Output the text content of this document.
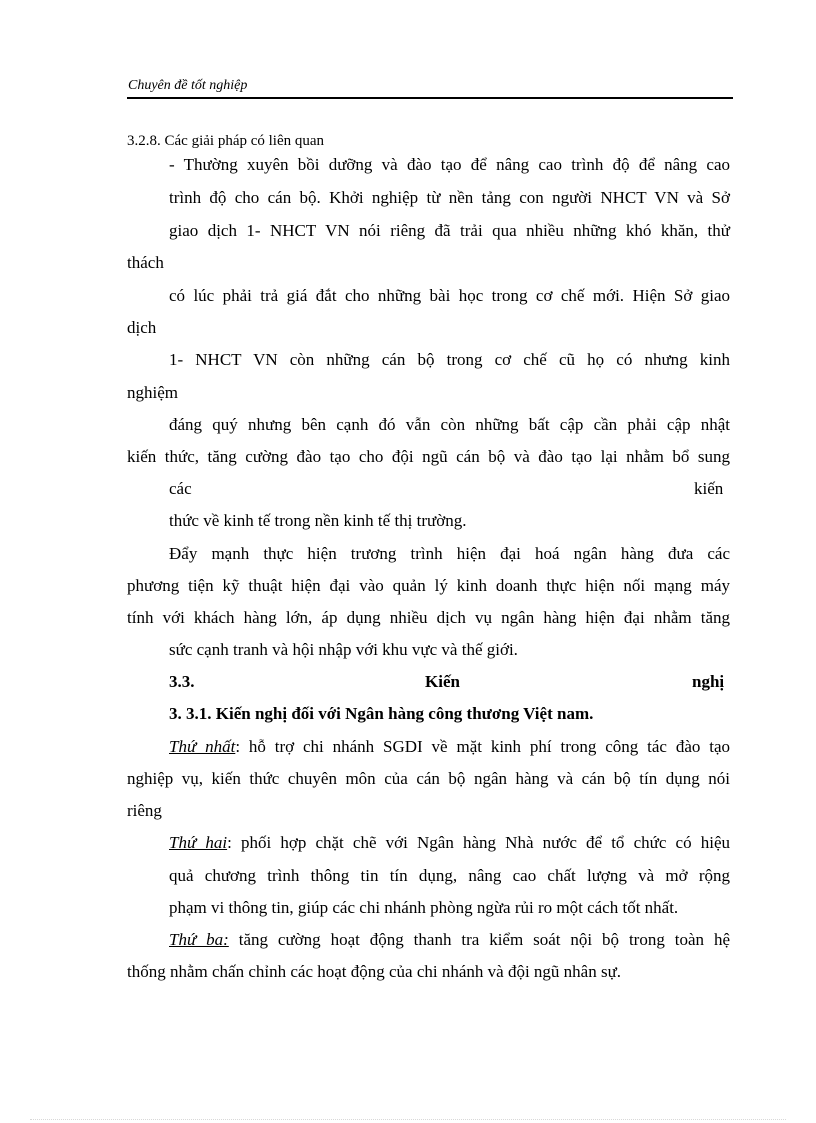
Chuyên đề tốt nghiệp
3.2.8. Các giải pháp có liên quan
- Thường xuyên bồi dưỡng và đào tạo để nâng cao trình độ để nâng cao
trình độ cho cán bộ. Khởi nghiệp từ nền tảng con người NHCT VN và Sở
giao dịch 1- NHCT VN nói riêng đã trải qua nhiều những khó khăn, thử
thách
có lúc phải trả giá đắt cho những bài học trong cơ chế mới. Hiện Sở giao
dịch
1- NHCT VN còn những cán bộ trong cơ chế cũ họ có nhưng kinh
nghiệm
đáng quý nhưng bên cạnh đó vẫn còn những bất cập cần phải cập nhật
kiến thức, tăng cường đào tạo cho đội ngũ cán bộ và đào tạo lại nhằm bổ sung
các	kiến
thức về kinh tế trong nền kinh tế thị trường.
Đẩy mạnh thực hiện trương trình hiện đại hoá ngân hàng đưa các
phương tiện kỹ thuật hiện đại vào quản lý kinh doanh thực hiện nối mạng máy
tính với khách hàng lớn, áp dụng nhiều dịch vụ ngân hàng hiện đại nhằm tăng
sức cạnh tranh và hội nhập với khu vực và thế giới.
3.3.	Kiến	nghị
3. 3.1. Kiến nghị đối với Ngân hàng công thương Việt nam.
Thứ nhất: hỗ trợ chi nhánh SGDI về mặt kinh phí trong công tác đào tạo
nghiệp vụ, kiến thức chuyên môn của cán bộ ngân hàng và cán bộ tín dụng nói
riêng
Thứ hai: phối hợp chặt chẽ với Ngân hàng Nhà nước để tổ chức có hiệu
quả chương trình thông tin tín dụng, nâng cao chất lượng và mở rộng
phạm vi thông tin, giúp các chi nhánh phòng ngừa rủi ro một cách tốt nhất.
Thứ ba: tăng cường hoạt động thanh tra kiểm soát nội bộ trong toàn hệ
thống nhằm chấn chỉnh các hoạt động của chi nhánh và đội ngũ nhân sự.
